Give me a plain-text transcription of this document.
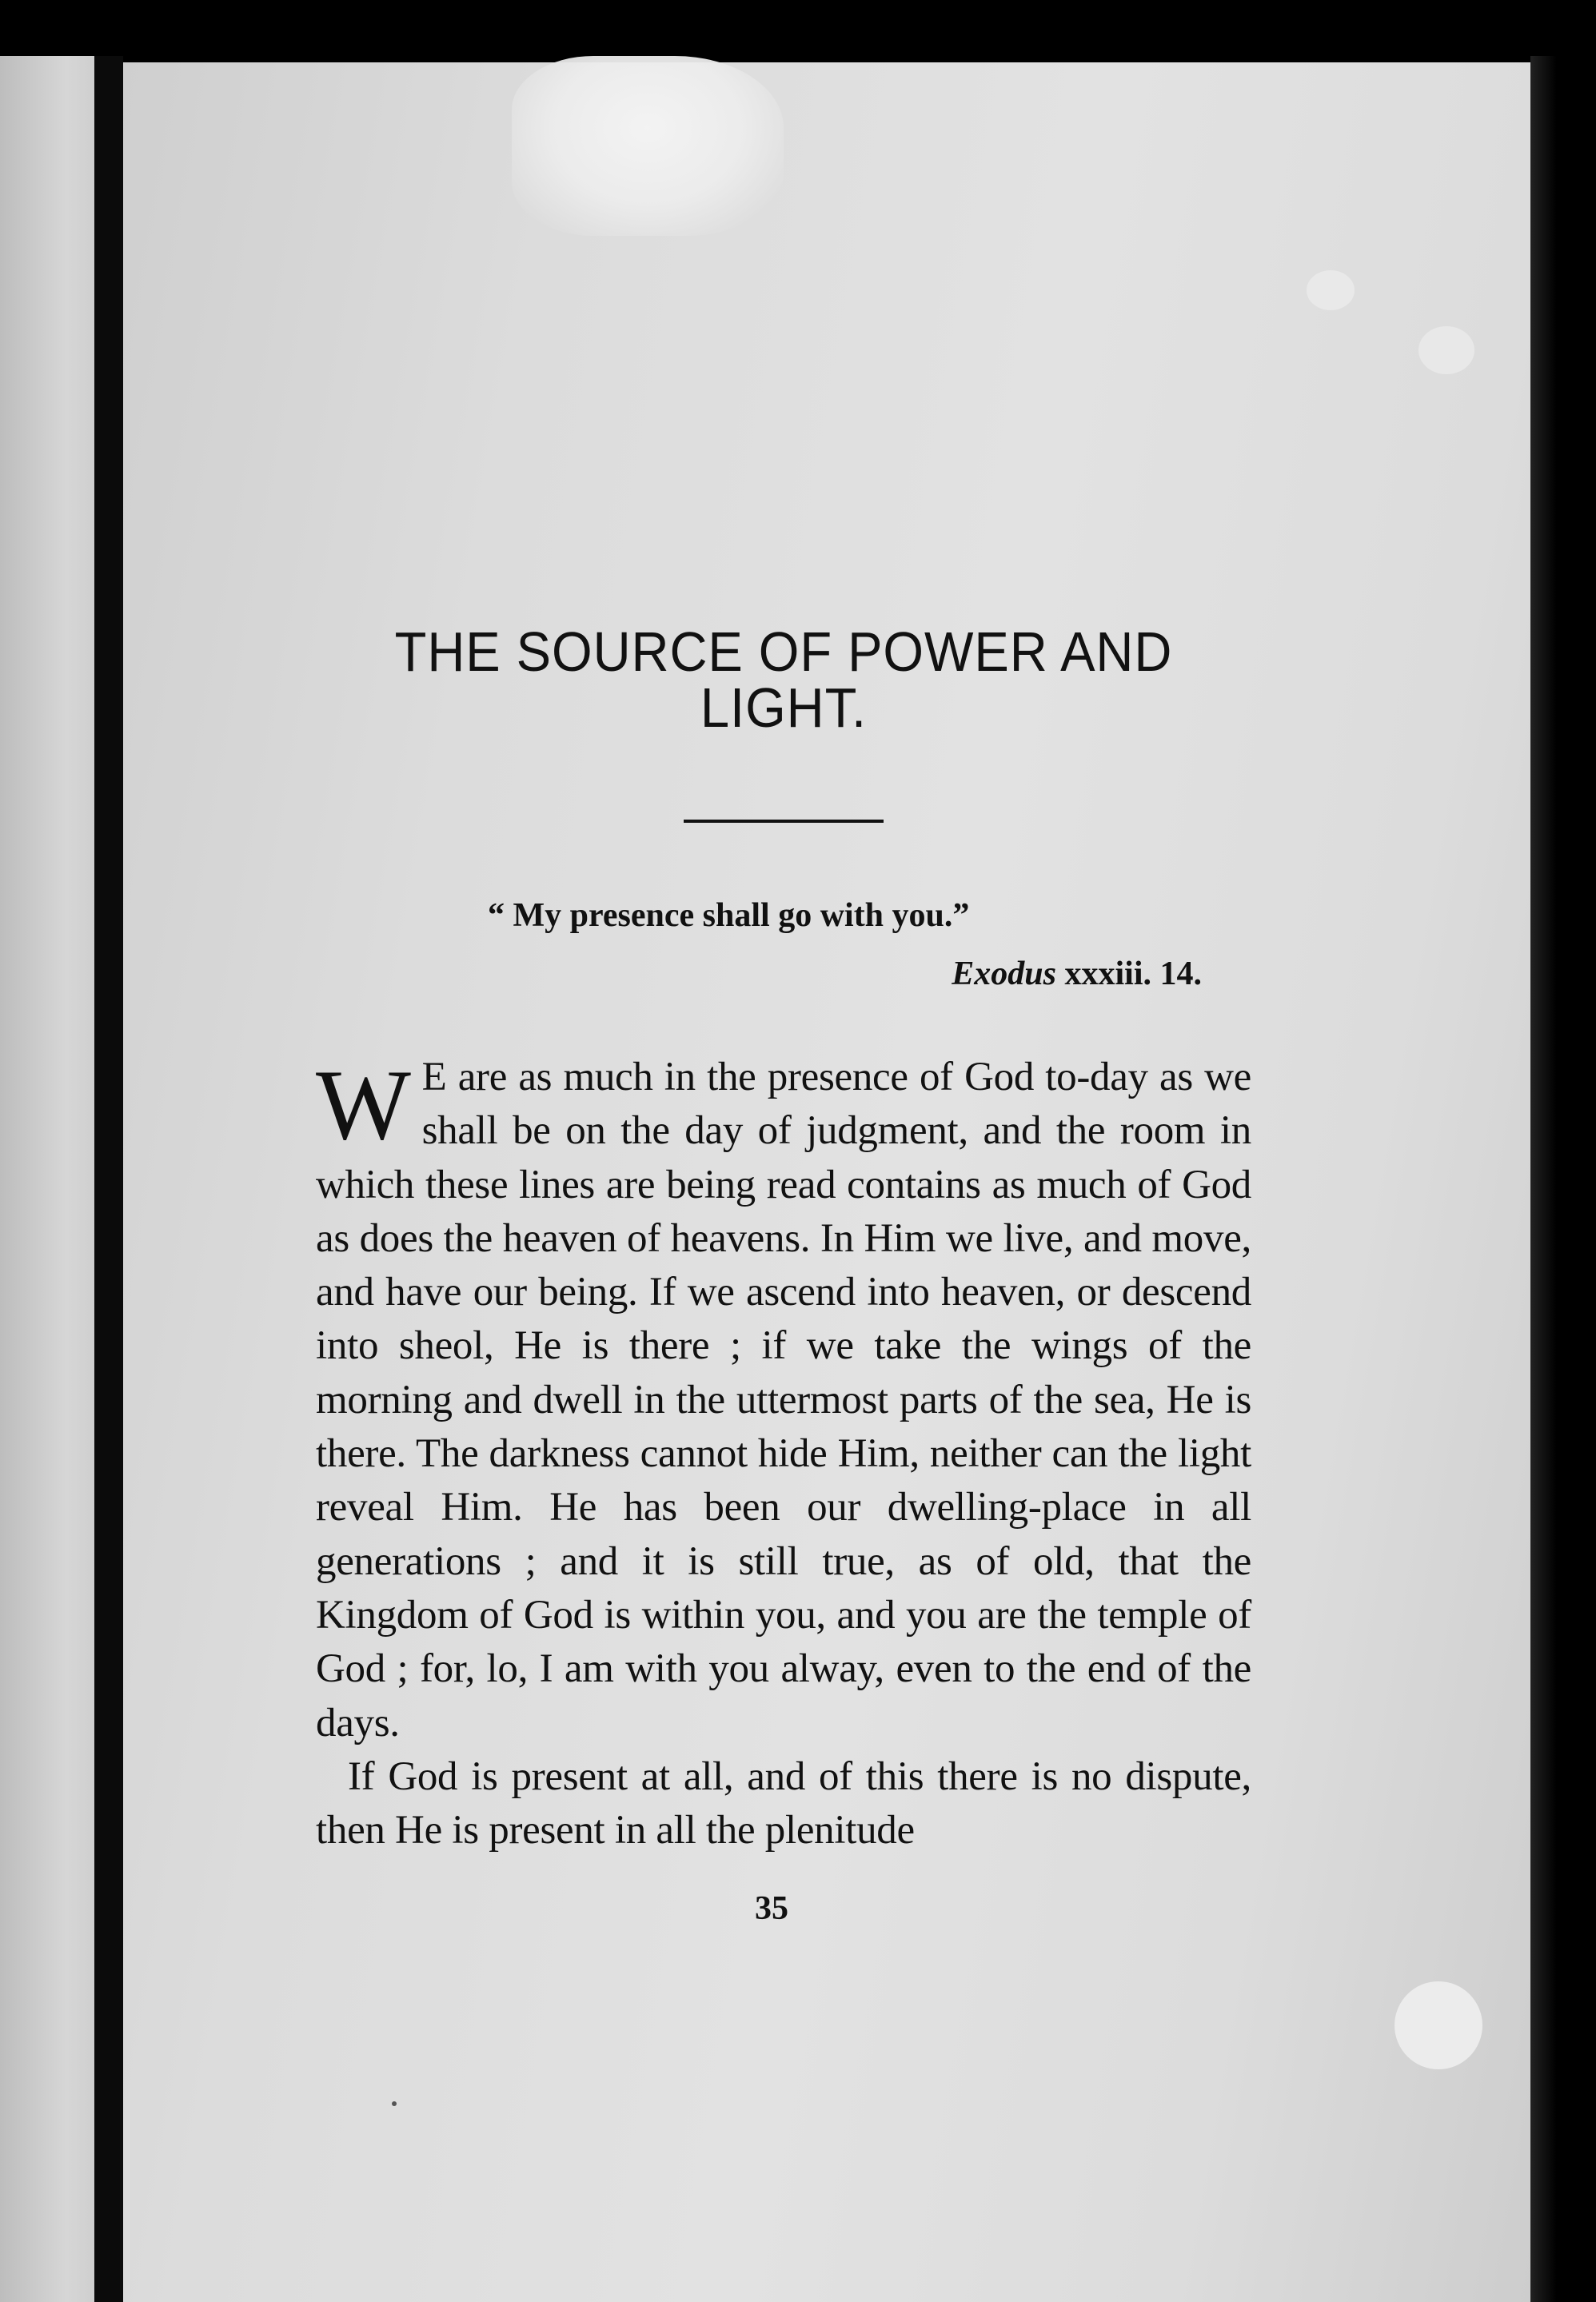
THE SOURCE OF POWER AND LIGHT.
“ My presence shall go with you.”
Exodus xxxiii. 14.

W E are as much in the presence of God to-day as we shall be on the day of judgment, and the room in which these lines are being read contains as much of God as does the heaven of heavens. In Him we live, and move, and have our being. If we ascend into heaven, or descend into sheol, He is there ; if we take the wings of the morning and dwell in the uttermost parts of the sea, He is there. The darkness cannot hide Him, neither can the light reveal Him. He has been our dwelling-place in all generations ; and it is still true, as of old, that the Kingdom of God is within you, and you are the temple of God ; for, lo, I am with you alway, even to the end of the days.

If God is present at all, and of this there is no dispute, then He is present in all the plenitude

35
